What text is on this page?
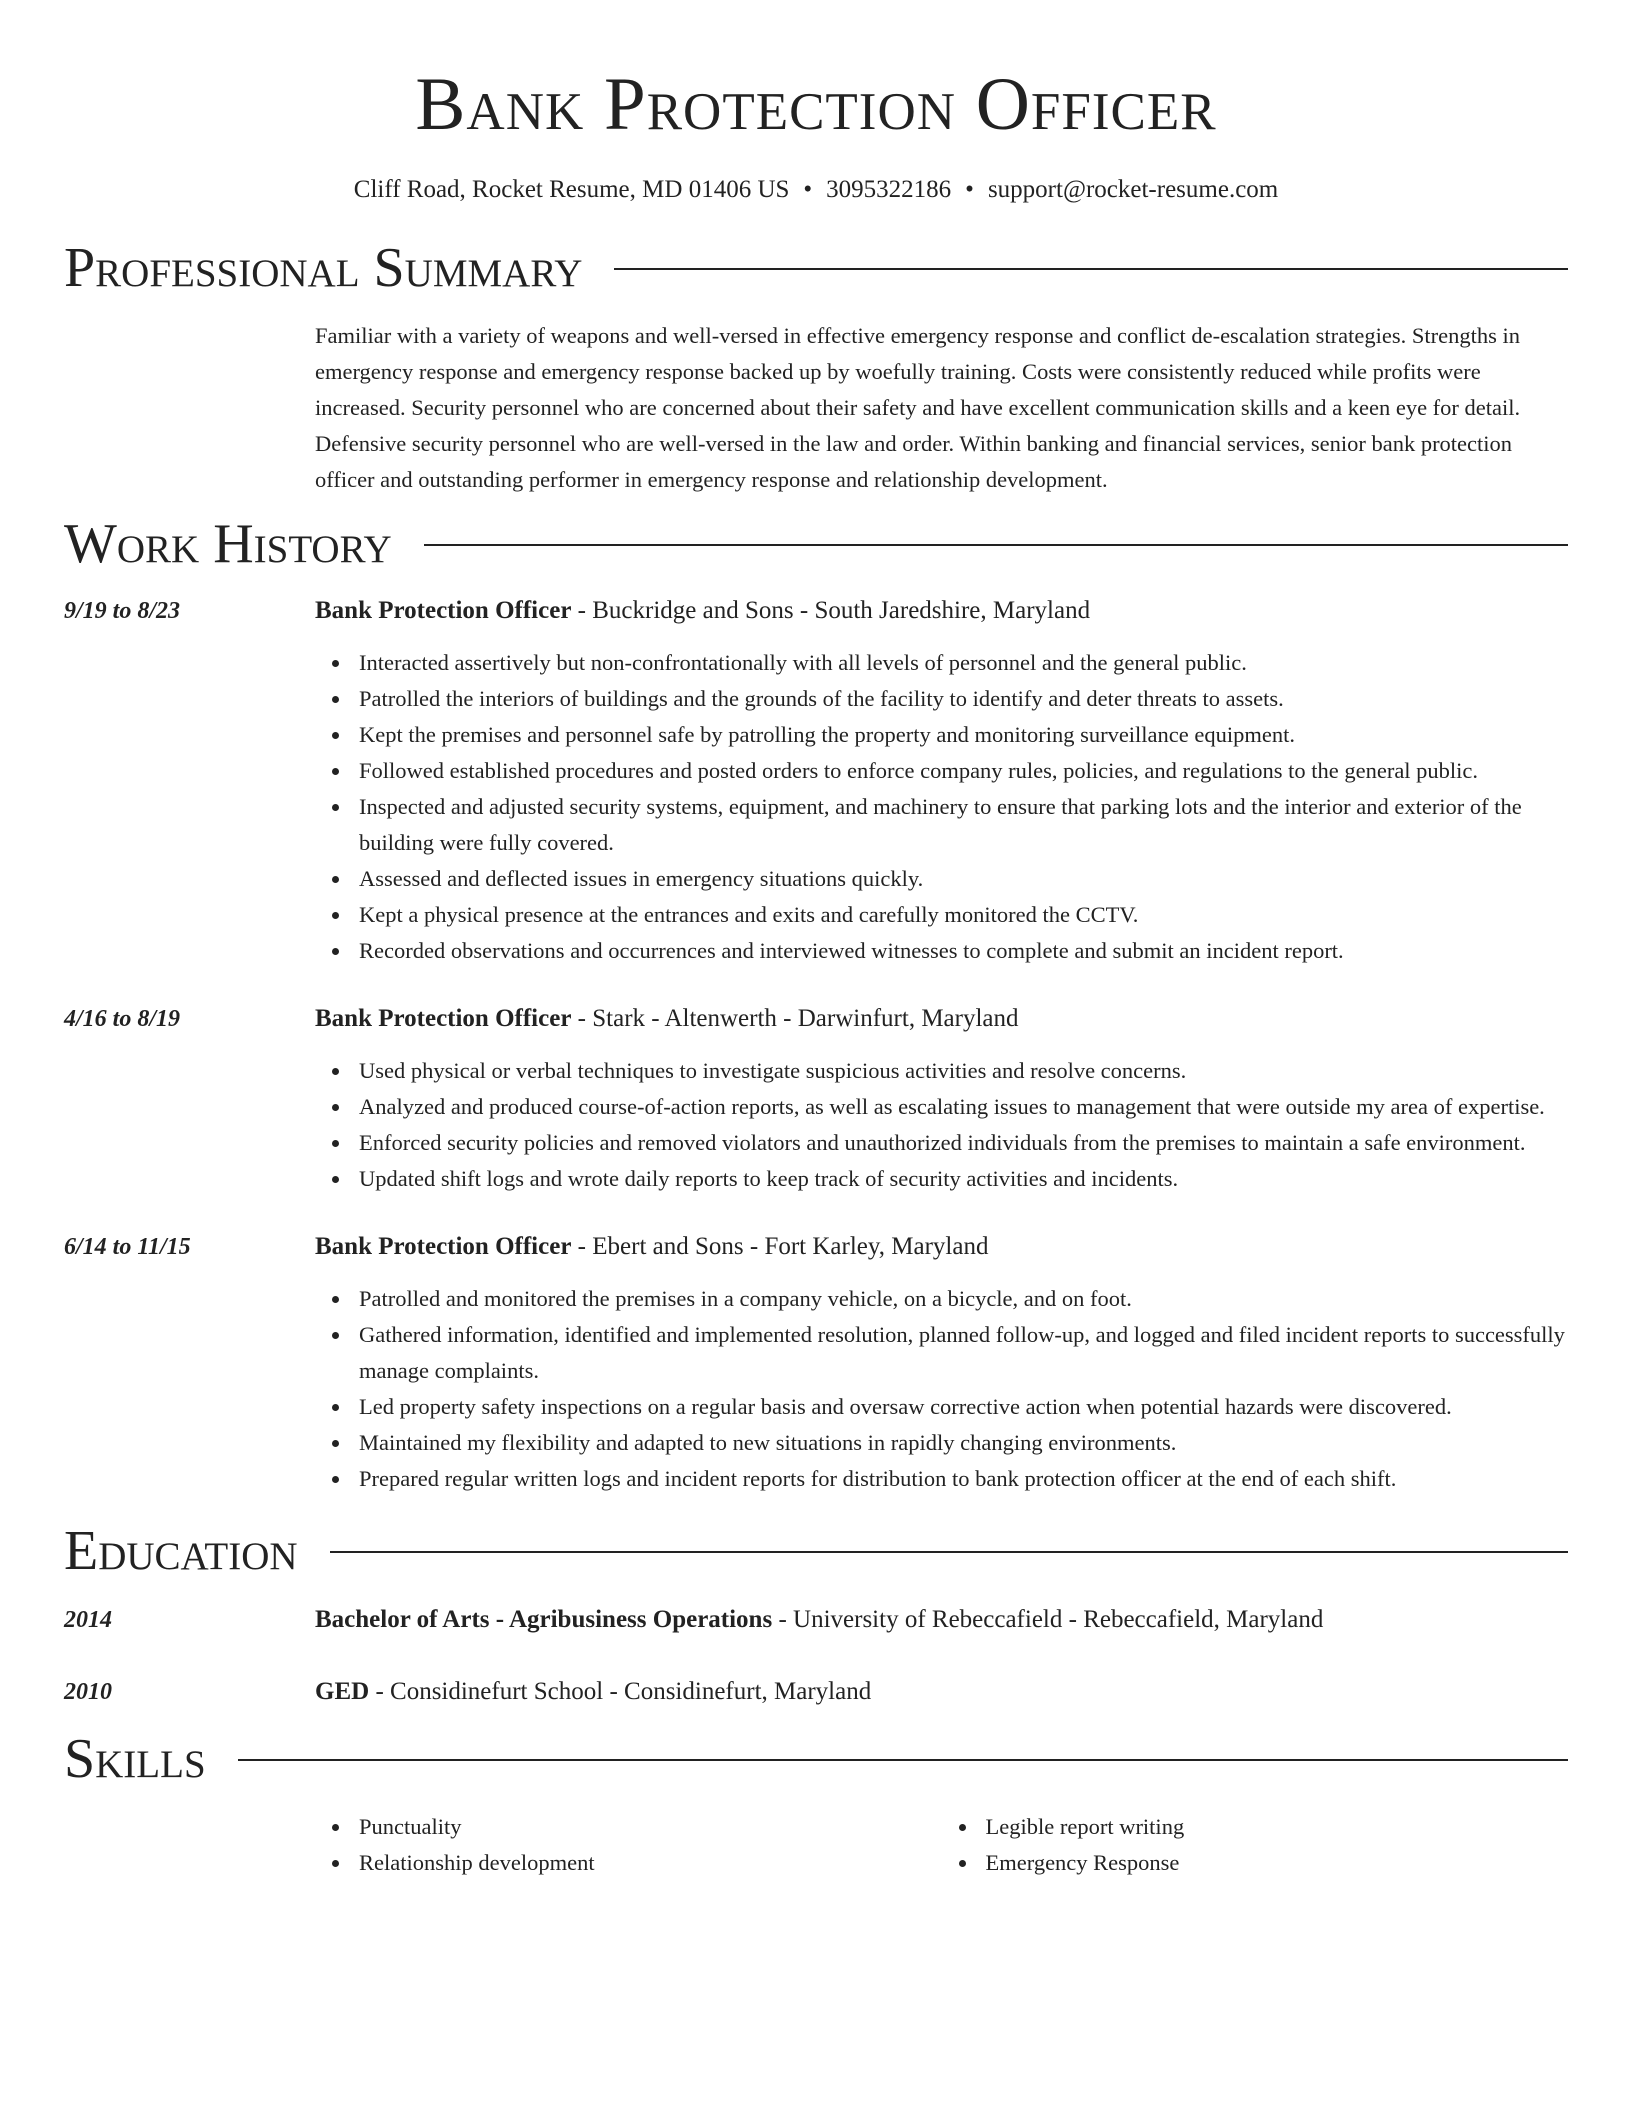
Bank Protection Officer
Cliff Road, Rocket Resume, MD 01406 US • 3095322186 • support@rocket-resume.com
Professional Summary
Familiar with a variety of weapons and well-versed in effective emergency response and conflict de-escalation strategies. Strengths in emergency response and emergency response backed up by woefully training. Costs were consistently reduced while profits were increased. Security personnel who are concerned about their safety and have excellent communication skills and a keen eye for detail. Defensive security personnel who are well-versed in the law and order. Within banking and financial services, senior bank protection officer and outstanding performer in emergency response and relationship development.
Work History
9/19 to 8/23	Bank Protection Officer - Buckridge and Sons - South Jaredshire, Maryland
Interacted assertively but non-confrontationally with all levels of personnel and the general public.
Patrolled the interiors of buildings and the grounds of the facility to identify and deter threats to assets.
Kept the premises and personnel safe by patrolling the property and monitoring surveillance equipment.
Followed established procedures and posted orders to enforce company rules, policies, and regulations to the general public.
Inspected and adjusted security systems, equipment, and machinery to ensure that parking lots and the interior and exterior of the building were fully covered.
Assessed and deflected issues in emergency situations quickly.
Kept a physical presence at the entrances and exits and carefully monitored the CCTV.
Recorded observations and occurrences and interviewed witnesses to complete and submit an incident report.
4/16 to 8/19	Bank Protection Officer - Stark - Altenwerth - Darwinfurt, Maryland
Used physical or verbal techniques to investigate suspicious activities and resolve concerns.
Analyzed and produced course-of-action reports, as well as escalating issues to management that were outside my area of expertise.
Enforced security policies and removed violators and unauthorized individuals from the premises to maintain a safe environment.
Updated shift logs and wrote daily reports to keep track of security activities and incidents.
6/14 to 11/15	Bank Protection Officer - Ebert and Sons - Fort Karley, Maryland
Patrolled and monitored the premises in a company vehicle, on a bicycle, and on foot.
Gathered information, identified and implemented resolution, planned follow-up, and logged and filed incident reports to successfully manage complaints.
Led property safety inspections on a regular basis and oversaw corrective action when potential hazards were discovered.
Maintained my flexibility and adapted to new situations in rapidly changing environments.
Prepared regular written logs and incident reports for distribution to bank protection officer at the end of each shift.
Education
2014	Bachelor of Arts - Agribusiness Operations - University of Rebeccafield - Rebeccafield, Maryland
2010	GED - Considinefurt School - Considinefurt, Maryland
Skills
Punctuality
Relationship development
Legible report writing
Emergency Response
